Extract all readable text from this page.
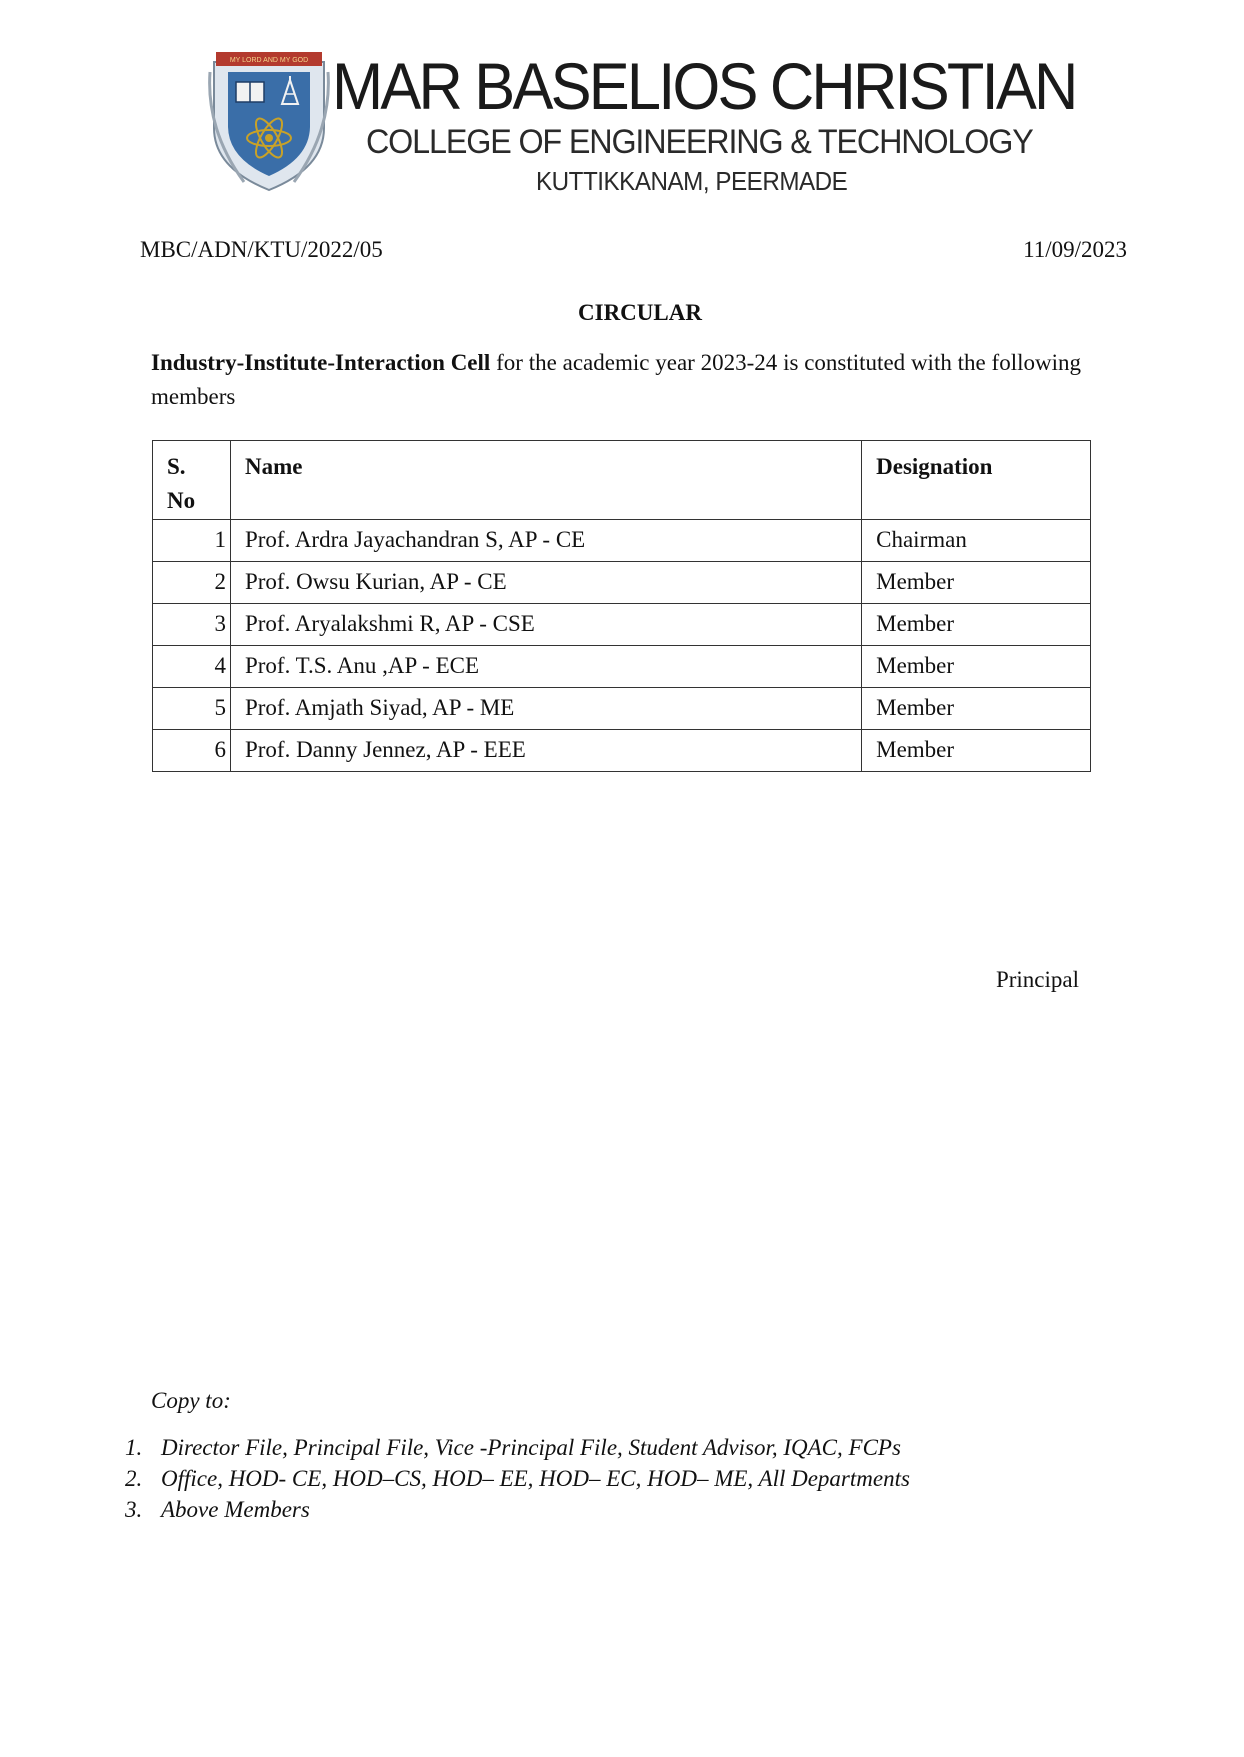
MY LORD AND MY GOD MAR BASELIOS CHRISTIAN
COLLEGE OF ENGINEERING & TECHNOLOGY
KUTTIKKANAM, PEERMADE
MBC/ADN/KTU/2022/05	11/09/2023
CIRCULAR
Industry-Institute-Interaction Cell for the academic year 2023-24 is constituted with the following members
S.
No	Name	Designation
1	Prof. Ardra Jayachandran S, AP - CE	Chairman
2	Prof. Owsu Kurian, AP - CE	Member
3	Prof. Aryalakshmi R, AP - CSE	Member
4	Prof. T.S. Anu ,AP - ECE	Member
5	Prof. Amjath Siyad, AP - ME	Member
6	Prof. Danny Jennez, AP - EEE	Member
Principal
Copy to:
1. Director File, Principal File, Vice -Principal File, Student Advisor, IQAC, FCPs
2. Office, HOD- CE, HOD–CS, HOD– EE, HOD– EC, HOD– ME, All Departments
3. Above Members
